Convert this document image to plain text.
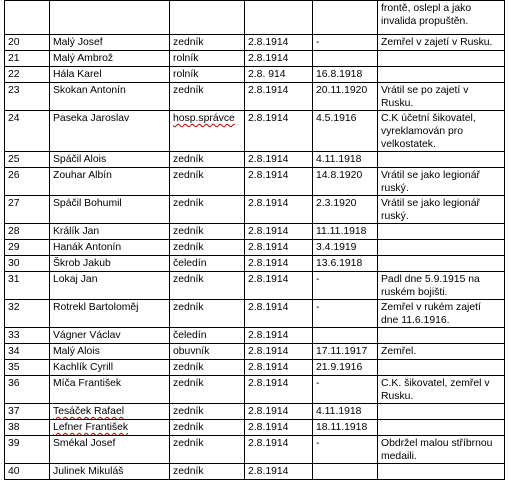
					frontě, oslepl a jako invalida propuštěn.
20	Malý Josef	zedník	2.8.1914	-	Zemřel v zajetí v Rusku.
21	Malý Ambrož	rolník	2.8.1914		
22	Hála Karel	rolník	2.8. 914	16.8.1918	
23	Skokan Antonín	zedník	2.8.1914	20.11.1920	Vrátil se po zajetí v Rusku.
24	Paseka Jaroslav	hosp.správce	2.8.1914	4.5.1916	C.K účetní šikovatel, vyreklamován pro velkostatek.
25	Spáčil Alois	zedník	2.8.1914	4.11.1918	
26	Zouhar Albín	zedník	2.8.1914	14.8.1920	Vrátil se jako legionář ruský.
27	Spáčil Bohumil	zedník	2.8.1914	2.3.1920	Vrátil se jako legionář ruský.
28	Králík Jan	zedník	2.8.1914	11.11.1918	
29	Hanák Antonín	zedník	2.8.1914	3.4.1919	
30	Škrob Jakub	čeledín	2.8.1914	13.6.1918	
31	Lokaj Jan	zedník	2.8.1914	-	Padl dne 5.9.1915 na ruském bojišti.
32	Rotrekl Bartoloměj	zedník	2.8.1914	-	Zemřel v rukém zajetí dne 11.6.1916.
33	Vágner Václav	čeledín	2.8.1914		
34	Malý Alois	obuvník	2.8.1914	17.11.1917	Zemřel.
35	Kachlík Cyrill	zedník	2.8.1914	21.9.1916	
36	Míča František	zedník	2.8.1914	-	C.K. šikovatel, zemřel v Rusku.
37	Tesáček Rafael	zedník	2.8.1914	4.11.1918	
38	Lefner František	zedník	2.8.1914	18.11.1918	
39	Smékal Josef	zedník	2.8.1914	-	Obdržel malou stříbrnou medaili.
40	Julinek Mikuláš	zedník	2.8.1914		
